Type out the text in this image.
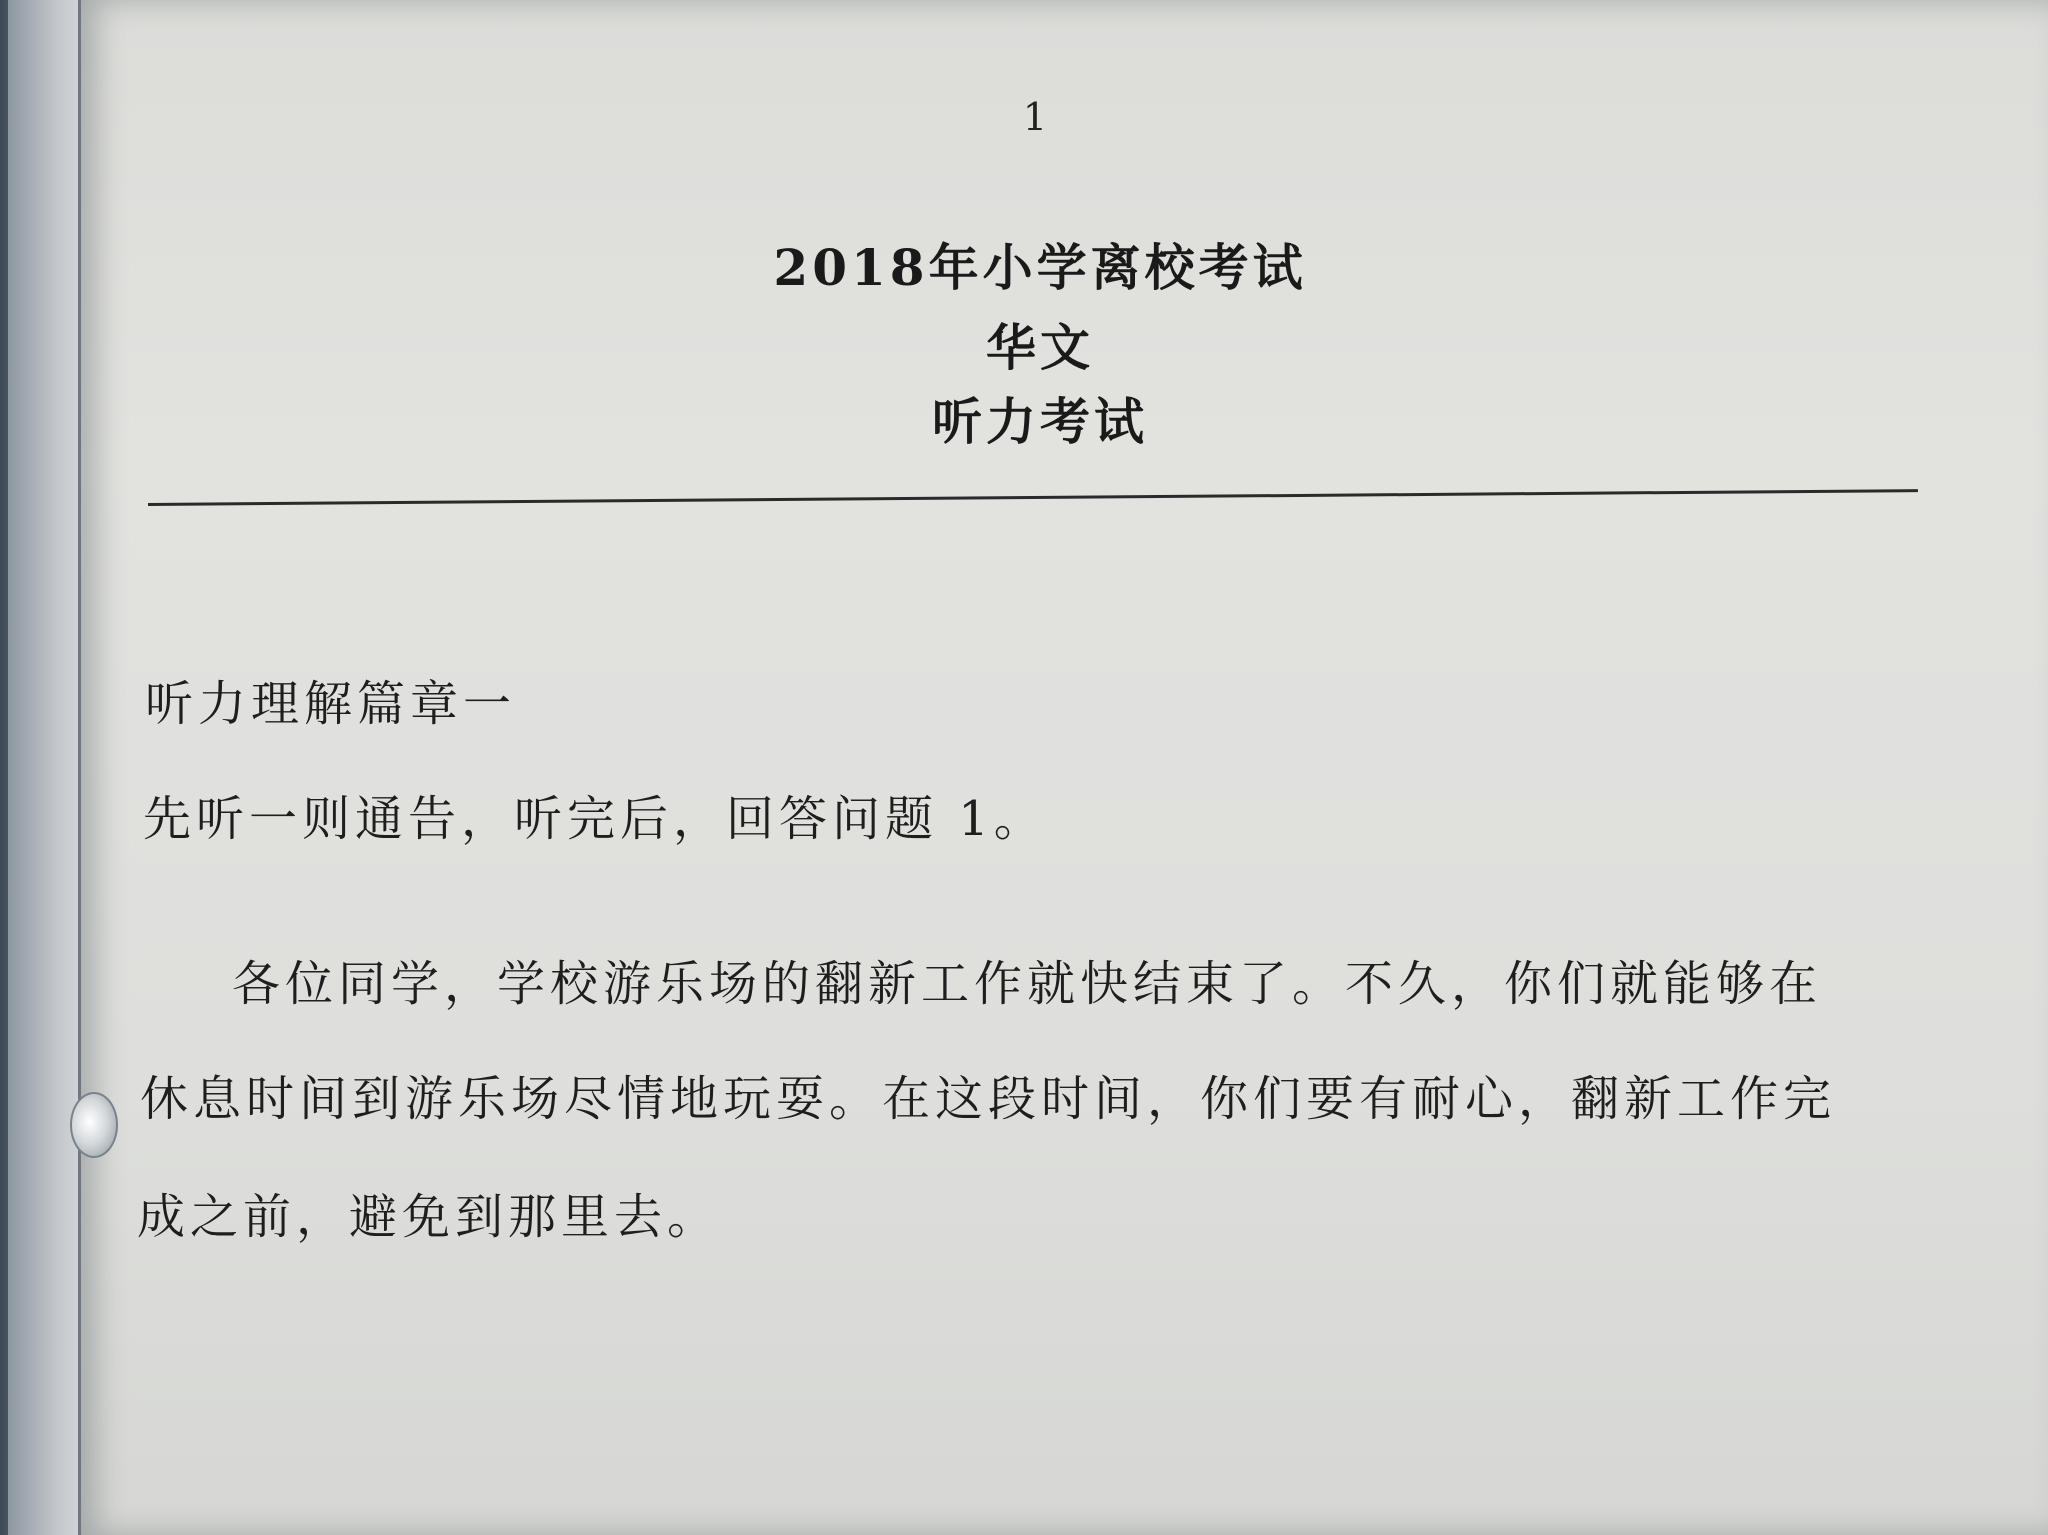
1
2018年小学离校考试
华文
听力考试
听力理解篇章一
先听一则通告，听完后，回答问题 1。
各位同学，学校游乐场的翻新工作就快结束了。不久，你们就能够在
休息时间到游乐场尽情地玩耍。在这段时间，你们要有耐心，翻新工作完
成之前，避免到那里去。
